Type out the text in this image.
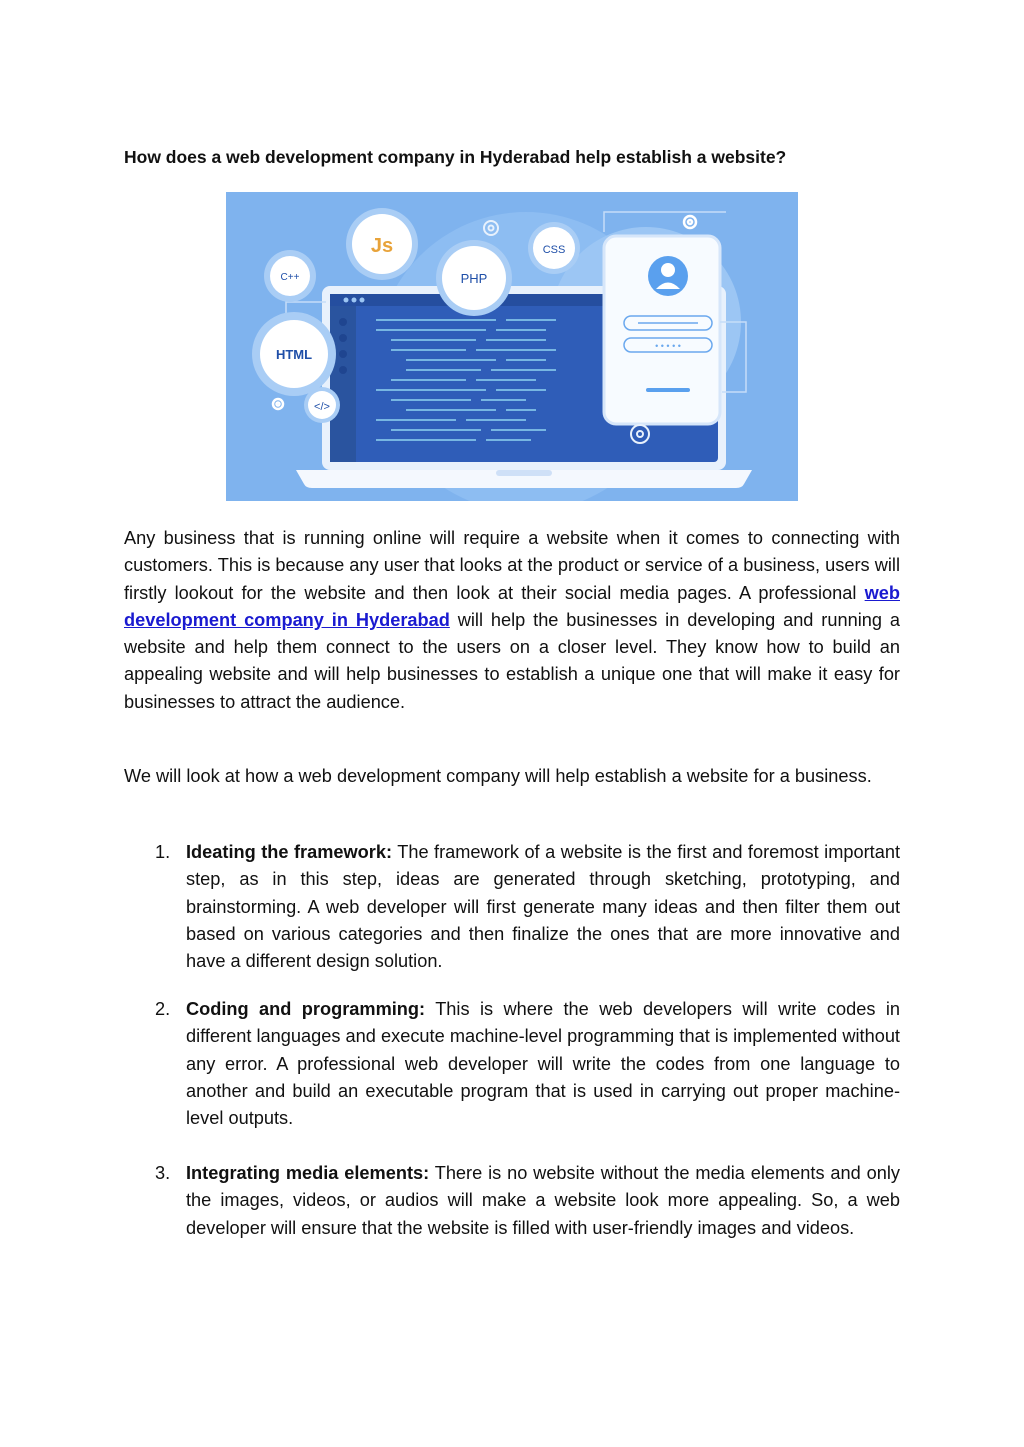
How does a web development company in Hyderabad help establish a website?
• • • • •
Js
PHP
CSS
C++
HTML
</>
Any business that is running online will require a website when it comes to connecting with customers. This is because any user that looks at the product or service of a business, users will firstly lookout for the website and then look at their social media pages. A professional web development company in Hyderabad will help the businesses in developing and running a website and help them connect to the users on a closer level. They know how to build an appealing website and will help businesses to establish a unique one that will make it easy for businesses to attract the audience.
We will look at how a web development company will help establish a website for a business.
1. Ideating the framework: The framework of a website is the first and foremost important step, as in this step, ideas are generated through sketching, prototyping, and brainstorming. A web developer will first generate many ideas and then filter them out based on various categories and then finalize the ones that are more innovative and have a different design solution.
2. Coding and programming: This is where the web developers will write codes in different languages and execute machine-level programming that is implemented without any error. A professional web developer will write the codes from one language to another and build an executable program that is used in carrying out proper machine-level outputs.
3. Integrating media elements: There is no website without the media elements and only the images, videos, or audios will make a website look more appealing. So, a web developer will ensure that the website is filled with user-friendly images and videos.
